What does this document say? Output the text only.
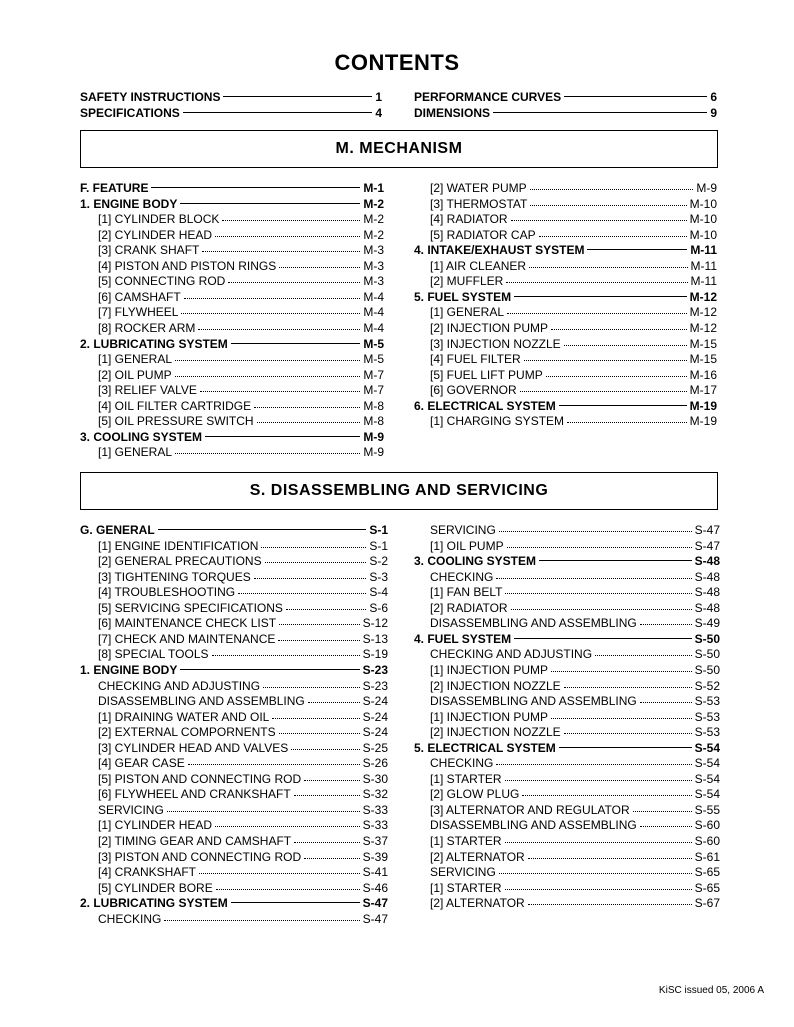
CONTENTS
SAFETY INSTRUCTIONS	1
SPECIFICATIONS	4
PERFORMANCE CURVES	6
DIMENSIONS	9
M. MECHANISM
F. FEATURE	M-1
1. ENGINE BODY	M-2
[1] CYLINDER BLOCK	M-2
[2] CYLINDER HEAD	M-2
[3] CRANK SHAFT	M-3
[4] PISTON AND PISTON RINGS	M-3
[5] CONNECTING ROD	M-3
[6] CAMSHAFT	M-4
[7] FLYWHEEL	M-4
[8] ROCKER ARM	M-4
2. LUBRICATING SYSTEM	M-5
[1] GENERAL	M-5
[2] OIL PUMP	M-7
[3] RELIEF VALVE	M-7
[4] OIL FILTER CARTRIDGE	M-8
[5] OIL PRESSURE SWITCH	M-8
3. COOLING SYSTEM	M-9
[1] GENERAL	M-9
[2] WATER PUMP	M-9
[3] THERMOSTAT	M-10
[4] RADIATOR	M-10
[5] RADIATOR CAP	M-10
4. INTAKE/EXHAUST SYSTEM	M-11
[1] AIR CLEANER	M-11
[2] MUFFLER	M-11
5. FUEL SYSTEM	M-12
[1] GENERAL	M-12
[2] INJECTION PUMP	M-12
[3] INJECTION NOZZLE	M-15
[4] FUEL FILTER	M-15
[5] FUEL LIFT PUMP	M-16
[6] GOVERNOR	M-17
6. ELECTRICAL SYSTEM	M-19
[1] CHARGING SYSTEM	M-19
S. DISASSEMBLING AND SERVICING
G. GENERAL	S-1
[1] ENGINE IDENTIFICATION	S-1
[2] GENERAL PRECAUTIONS	S-2
[3] TIGHTENING TORQUES	S-3
[4] TROUBLESHOOTING	S-4
[5] SERVICING SPECIFICATIONS	S-6
[6] MAINTENANCE CHECK LIST	S-12
[7] CHECK AND MAINTENANCE	S-13
[8] SPECIAL TOOLS	S-19
1. ENGINE BODY	S-23
CHECKING AND ADJUSTING	S-23
DISASSEMBLING AND ASSEMBLING	S-24
[1] DRAINING WATER AND OIL	S-24
[2] EXTERNAL COMPORNENTS	S-24
[3] CYLINDER HEAD AND VALVES	S-25
[4] GEAR CASE	S-26
[5] PISTON AND CONNECTING ROD	S-30
[6] FLYWHEEL AND CRANKSHAFT	S-32
SERVICING	S-33
[1] CYLINDER HEAD	S-33
[2] TIMING GEAR AND CAMSHAFT	S-37
[3] PISTON AND CONNECTING ROD	S-39
[4] CRANKSHAFT	S-41
[5] CYLINDER BORE	S-46
2. LUBRICATING SYSTEM	S-47
CHECKING	S-47
SERVICING	S-47
[1] OIL PUMP	S-47
3. COOLING SYSTEM	S-48
CHECKING	S-48
[1] FAN BELT	S-48
[2] RADIATOR	S-48
DISASSEMBLING AND ASSEMBLING	S-49
4. FUEL SYSTEM	S-50
CHECKING AND ADJUSTING	S-50
[1] INJECTION PUMP	S-50
[2] INJECTION NOZZLE	S-52
DISASSEMBLING AND ASSEMBLING	S-53
[1] INJECTION PUMP	S-53
[2] INJECTION NOZZLE	S-53
5. ELECTRICAL SYSTEM	S-54
CHECKING	S-54
[1] STARTER	S-54
[2] GLOW PLUG	S-54
[3] ALTERNATOR AND REGULATOR	S-55
DISASSEMBLING AND ASSEMBLING	S-60
[1] STARTER	S-60
[2] ALTERNATOR	S-61
SERVICING	S-65
[1] STARTER	S-65
[2] ALTERNATOR	S-67
KiSC issued 05, 2006 A
